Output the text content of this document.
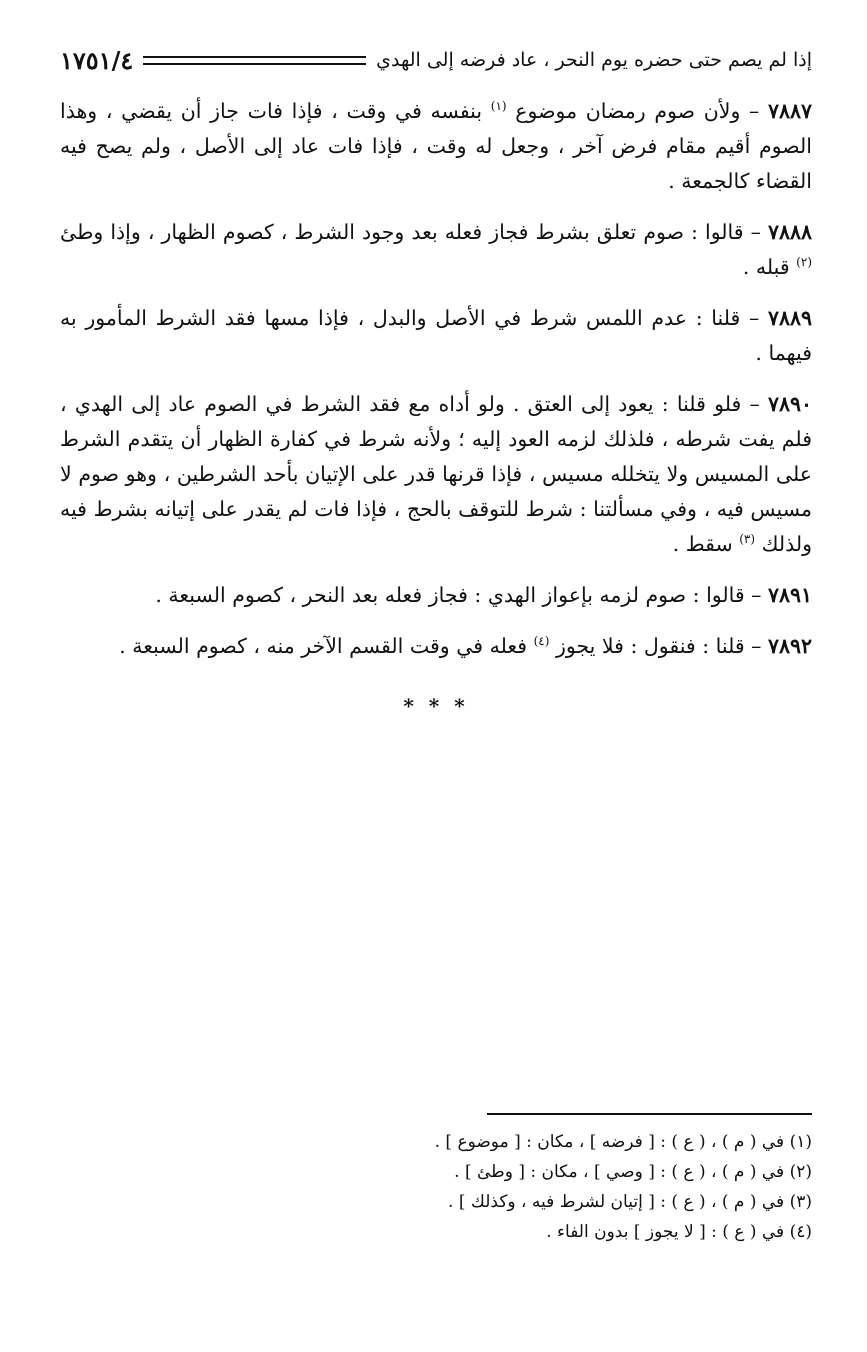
إذا لم يصم حتى حضره يوم النحر ، عاد فرضه إلى الهدي
١٧٥١/٤

٧٨٨٧ – ولأن صوم رمضان موضوع $^{(١)}$ بنفسه في وقت ، فإذا فات جاز أن يقضي ، وهذا الصوم أقيم مقام فرض آخر ، وجعل له وقت ، فإذا فات عاد إلى الأصل ، ولم يصح فيه القضاء كالجمعة .

٧٨٨٨ – قالوا : صوم تعلق بشرط فجاز فعله بعد وجود الشرط ، كصوم الظهار ، وإذا وطئ $^{(٢)}$ قبله .

٧٨٨٩ – قلنا : عدم اللمس شرط في الأصل والبدل ، فإذا مسها فقد الشرط المأمور به فيهما .

٧٨٩٠ – فلو قلنا : يعود إلى العتق . ولو أداه مع فقد الشرط في الصوم عاد إلى الهدي ، فلم يفت شرطه ، فلذلك لزمه العود إليه ؛ ولأنه شرط في كفارة الظهار أن يتقدم الشرط على المسيس ولا يتخلله مسيس ، فإذا قرنها قدر على الإتيان بأحد الشرطين ، وهو صوم لا مسيس فيه ، وفي مسألتنا : شرط للتوقف بالحج ، فإذا فات لم يقدر على إتيانه بشرط فيه ولذلك $^{(٣)}$ سقط .

٧٨٩١ – قالوا : صوم لزمه بإعواز الهدي : فجاز فعله بعد النحر ، كصوم السبعة .

٧٨٩٢ – قلنا : فنقول : فلا يجوز $^{(٤)}$ فعله في وقت القسم الآخر منه ، كصوم السبعة .

* * *

(١) في ( م ) ، ( ع ) : [ فرضه ] ، مكان : [ موضوع ] .

(٢) في ( م ) ، ( ع ) : [ وصي ] ، مكان : [ وطئ ] .

(٣) في ( م ) ، ( ع ) : [ إتيان لشرط فيه ، وكذلك ] .

(٤) في ( ع ) : [ لا يجوز ] بدون الفاء .
